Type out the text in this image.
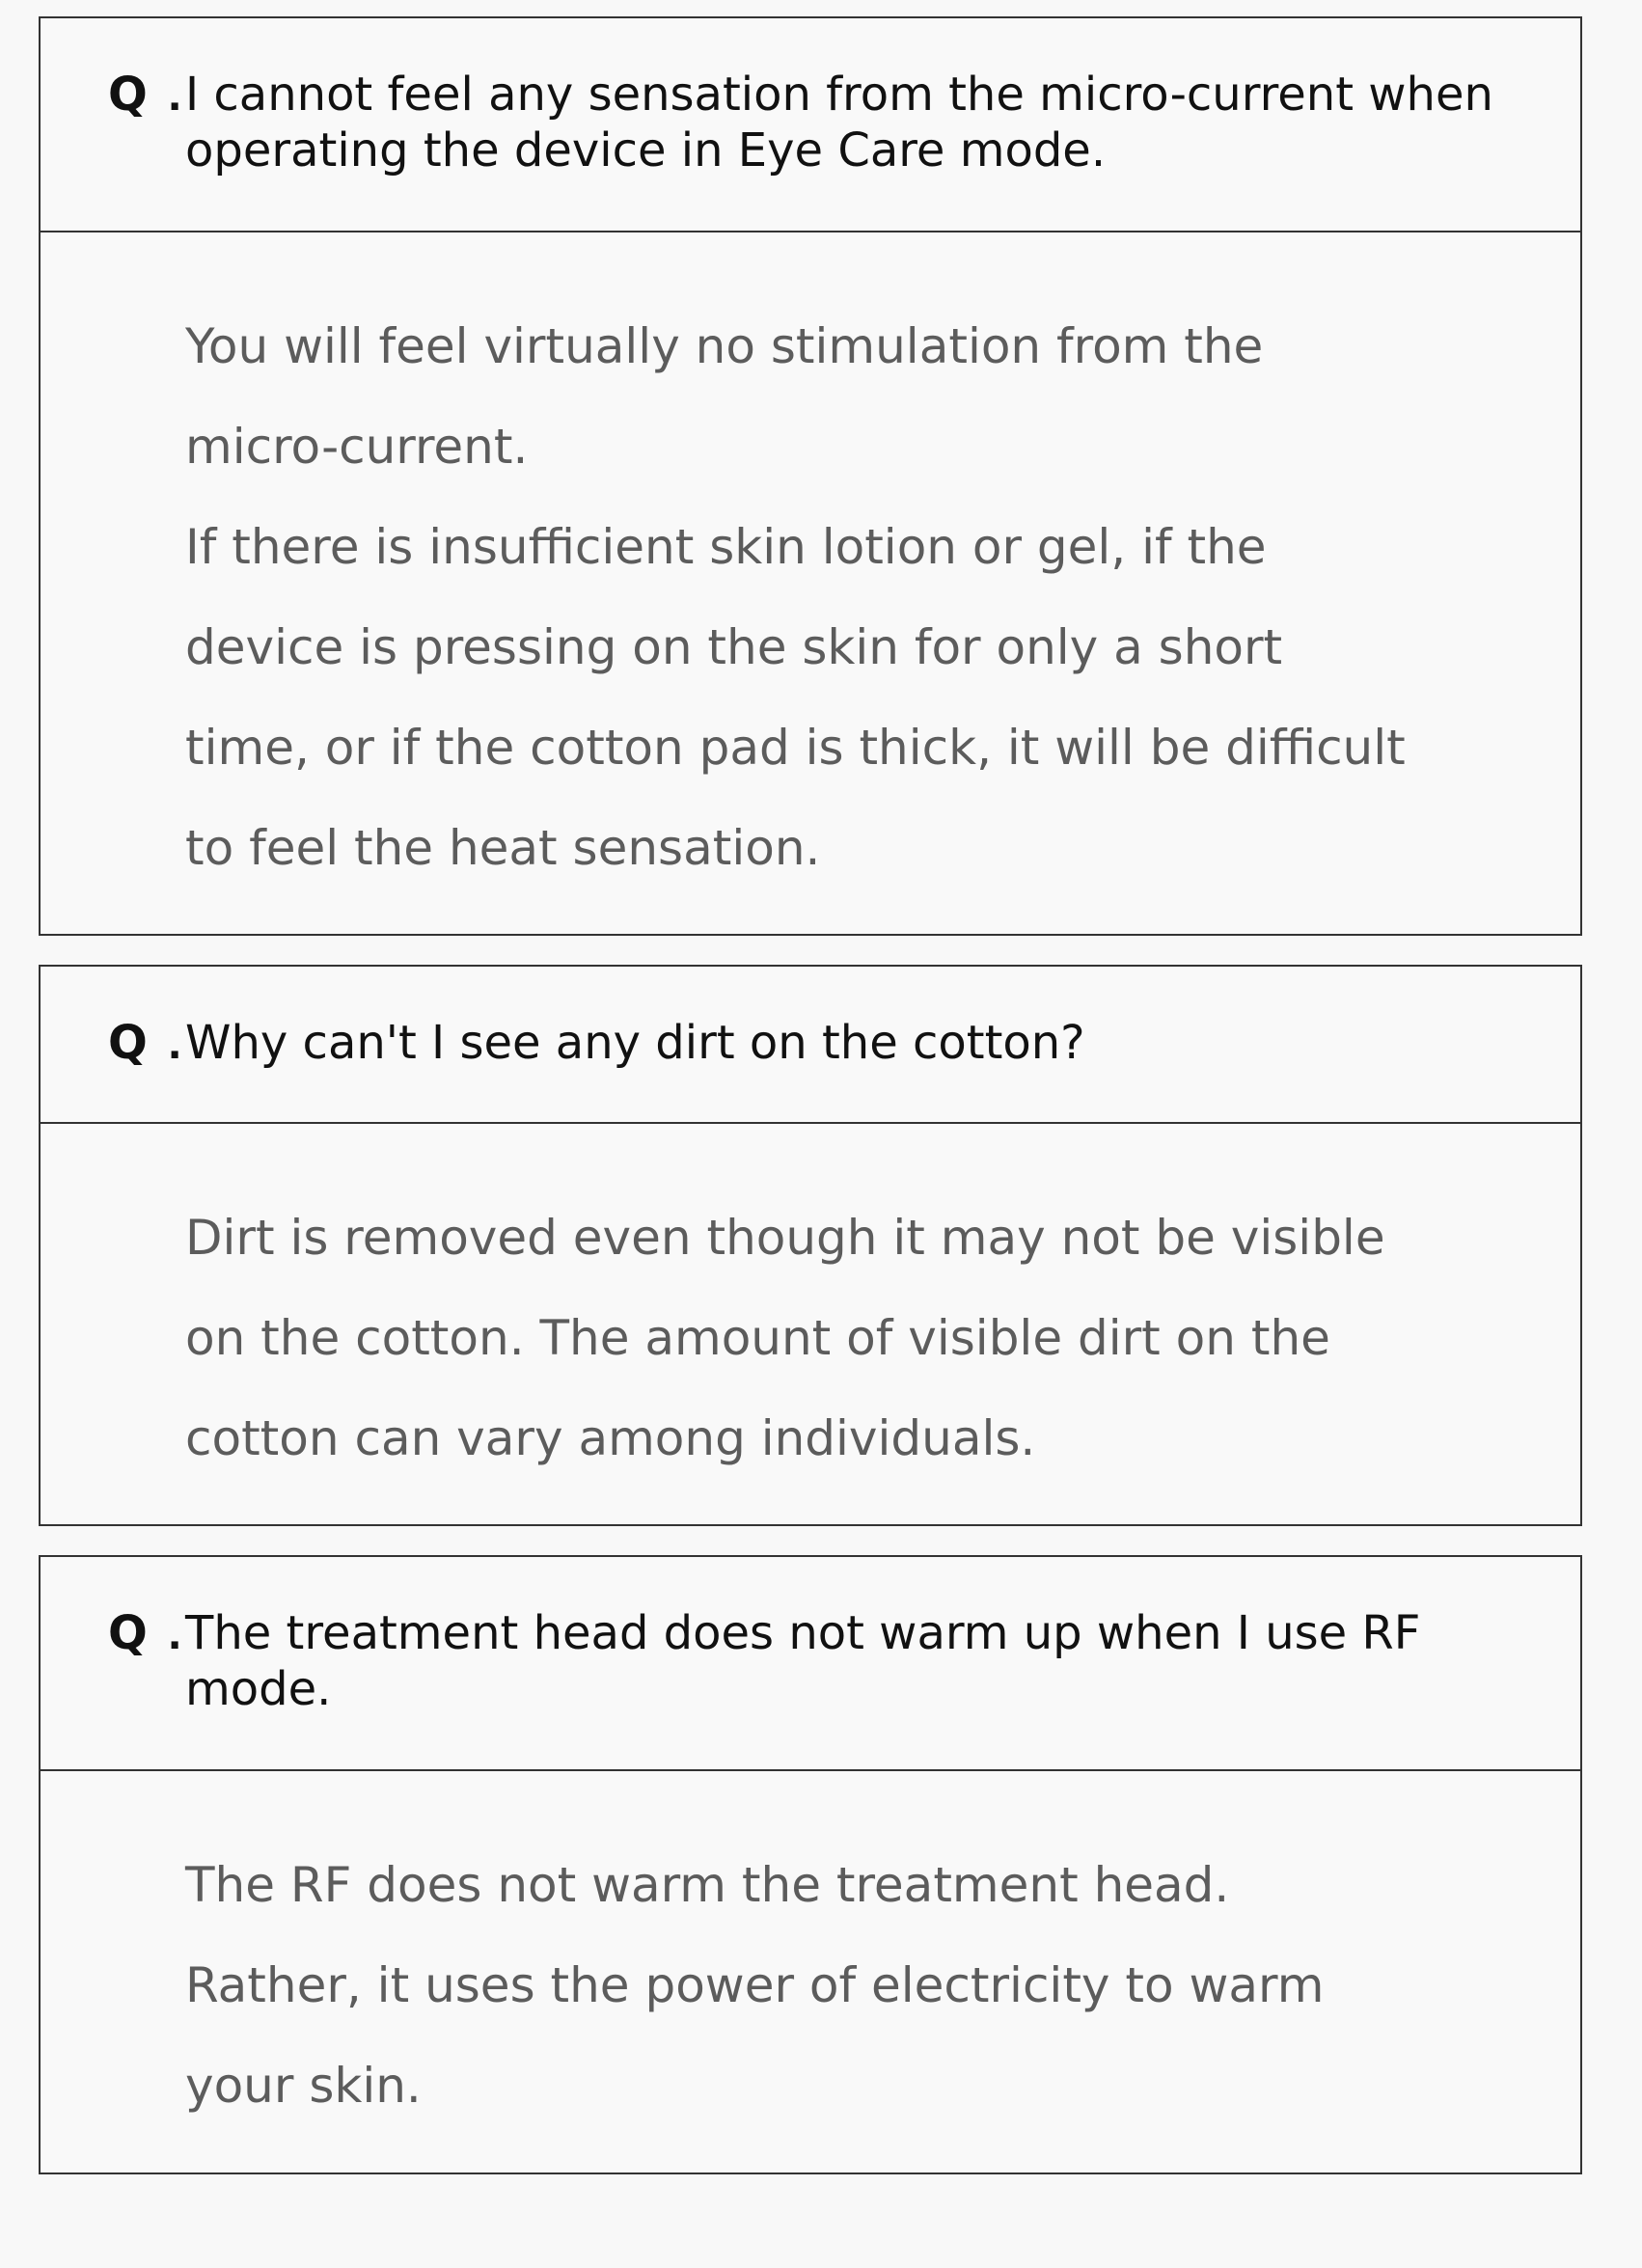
Q . I cannot feel any sensation from the micro-current when operating the device in Eye Care mode.
You will feel virtually no stimulation from the
micro-current.
If there is insufficient skin lotion or gel, if the
device is pressing on the skin for only a short
time, or if the cotton pad is thick, it will be difficult
to feel the heat sensation.
Q . Why can't I see any dirt on the cotton?
Dirt is removed even though it may not be visible
on the cotton. The amount of visible dirt on the
cotton can vary among individuals.
Q . The treatment head does not warm up when I use RF mode.
The RF does not warm the treatment head.
Rather, it uses the power of electricity to warm
your skin.
